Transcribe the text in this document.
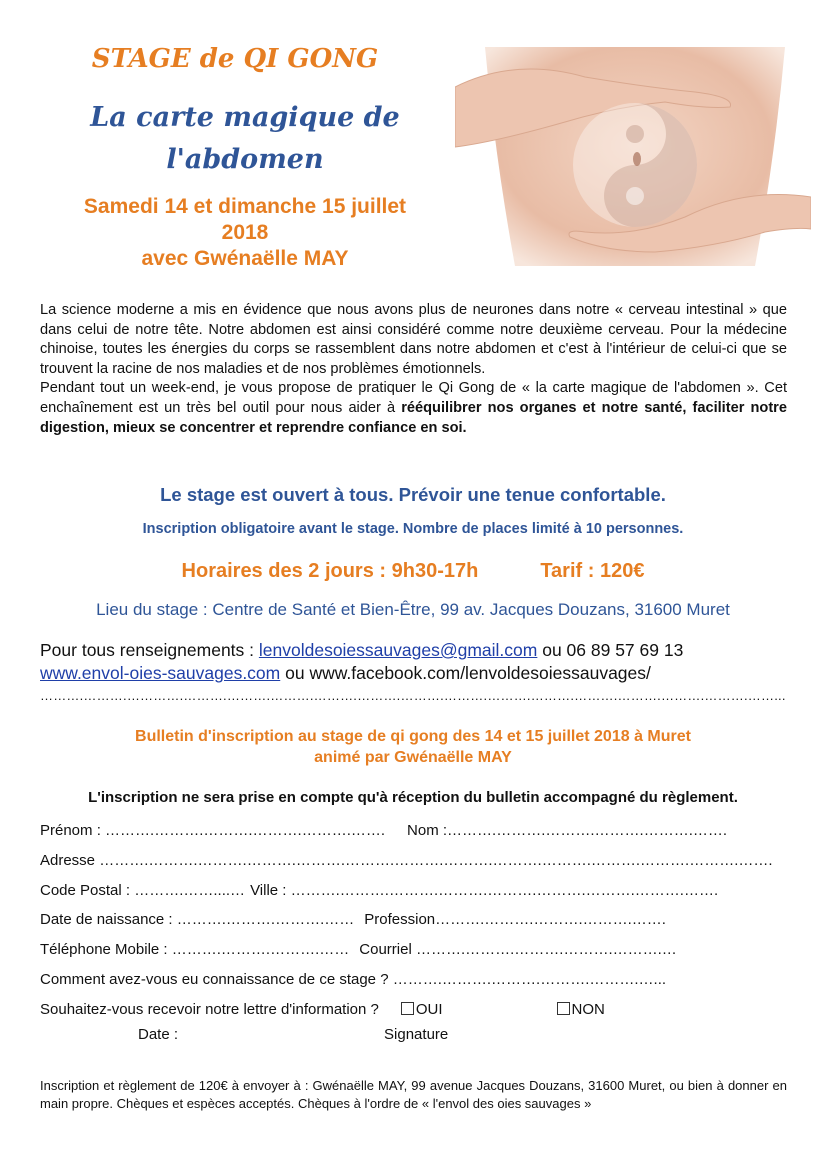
STAGE de QI GONG
La carte magique de l'abdomen
Samedi 14 et dimanche 15 juillet
2018
avec Gwénaëlle MAY

La science moderne a mis en évidence que nous avons plus de neurones dans notre « cerveau intestinal » que dans celui de notre tête. Notre abdomen est ainsi considéré comme notre deuxième cerveau. Pour la médecine chinoise, toutes les énergies du corps se rassemblent dans notre abdomen et c'est à l'intérieur de celui-ci que se trouvent la racine de nos maladies et de nos problèmes émotionnels.

Pendant tout un week-end, je vous propose de pratiquer le Qi Gong de « la carte magique de l'abdomen ». Cet enchaînement est un très bel outil pour nous aider à rééquilibrer nos organes et notre santé, faciliter notre digestion, mieux se concentrer et reprendre confiance en soi.

Le stage est ouvert à tous. Prévoir une tenue confortable.
Inscription obligatoire avant le stage. Nombre de places limité à 10 personnes.
Horaires des 2 jours : 9h30-17h	Tarif : 120€
Lieu du stage : Centre de Santé et Bien-Être, 99 av. Jacques Douzans, 31600 Muret
Pour tous renseignements : lenvoldesoiessauvages@gmail.com ou 06 89 57 69 13
www.envol-oies-sauvages.com ou www.facebook.com/lenvoldesoiessauvages/
……….……….………….……….……….……….……….……….……….……….……….……….……….……….……….……….……...
Bulletin d'inscription au stage de qi gong des 14 et 15 juillet 2018 à Muret
animé par Gwénaëlle MAY
L'inscription ne sera prise en compte qu'à réception du bulletin accompagné du règlement.
Prénom : ……….……….……….……….……….……. Nom :……….……….……….……….……….…….
Adresse ……….……….……….……….……….……….……….……….……….……….……….……….……….…….
Code Postal : ……….……....… Ville : ……….……….……….……….……….……….……….……….…….
Date de naissance : ……….……….……….…… Profession……….……….……….……….…….
Téléphone Mobile : ……….……….……….…… Courriel ……….……….……….……….……….…
Comment avez-vous eu connaissance de ce stage ? ……….……….……….……….……….…...
Souhaitez-vous recevoir notre lettre d'information ? OUI	NON
Date :	Signature
Inscription et règlement de 120€ à envoyer à : Gwénaëlle MAY, 99 avenue Jacques Douzans, 31600 Muret, ou bien à donner en main propre. Chèques et espèces acceptés. Chèques à l'ordre de « l'envol des oies sauvages »
